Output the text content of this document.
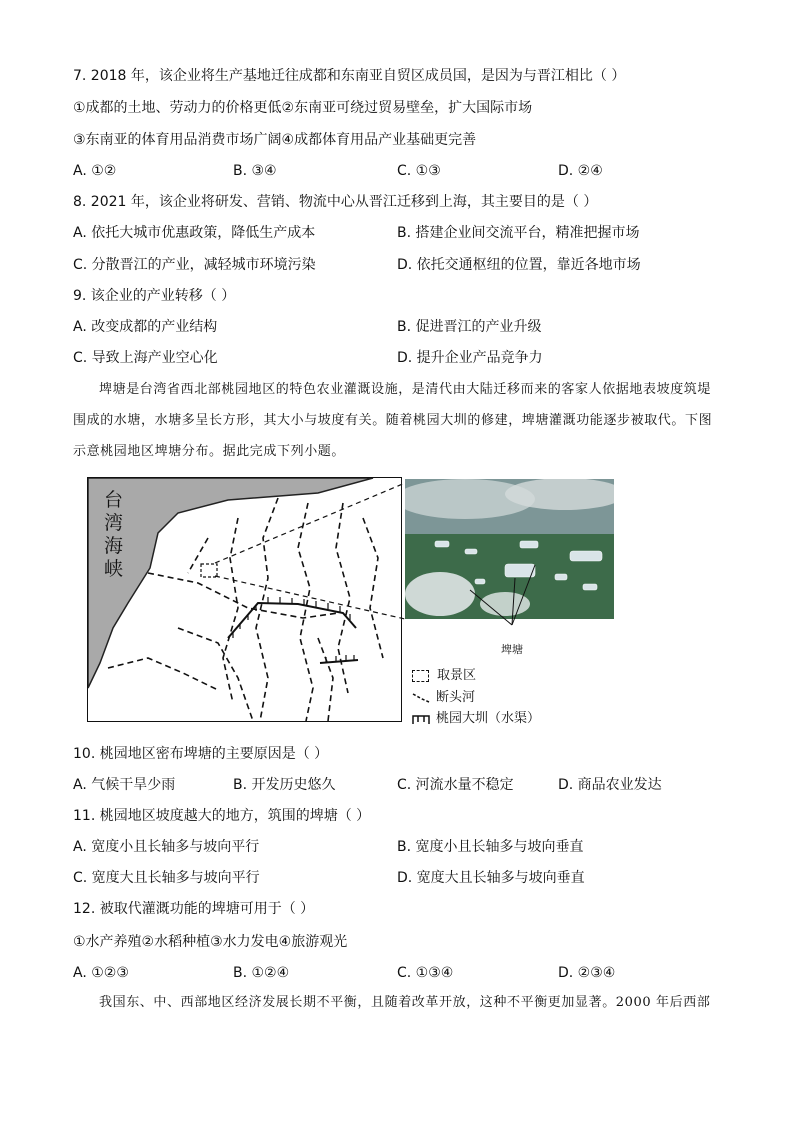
7. 2018 年，该企业将生产基地迁往成都和东南亚自贸区成员国，是因为与晋江相比（ ）
①成都的土地、劳动力的价格更低②东南亚可绕过贸易壁垒，扩大国际市场
③东南亚的体育用品消费市场广阔④成都体育用品产业基础更完善
A. ①②	B. ③④	C. ①③	D. ②④
8. 2021 年，该企业将研发、营销、物流中心从晋江迁移到上海，其主要目的是（ ）
A. 依托大城市优惠政策，降低生产成本	B. 搭建企业间交流平台，精准把握市场
C. 分散晋江的产业，减轻城市环境污染	D. 依托交通枢纽的位置，靠近各地市场
9. 该企业的产业转移（ ）
A. 改变成都的产业结构	B. 促进晋江的产业升级
C. 导致上海产业空心化	D. 提升企业产品竞争力
埤塘是台湾省西北部桃园地区的特色农业灌溉设施，是清代由大陆迁移而来的客家人依据地表坡度筑堤围成的水塘，水塘多呈长方形，其大小与坡度有关。随着桃园大圳的修建，埤塘灌溉功能逐步被取代。下图示意桃园地区埤塘分布。据此完成下列小题。
台
湾
海
峡
埤塘
取景区
断头河
桃园大圳（水渠）
10. 桃园地区密布埤塘的主要原因是（ ）
A. 气候干旱少雨	B. 开发历史悠久	C. 河流水量不稳定	D. 商品农业发达
11. 桃园地区坡度越大的地方，筑围的埤塘（ ）
A. 宽度小且长轴多与坡向平行	B. 宽度小且长轴多与坡向垂直
C. 宽度大且长轴多与坡向平行	D. 宽度大且长轴多与坡向垂直
12. 被取代灌溉功能的埤塘可用于（ ）
①水产养殖②水稻种植③水力发电④旅游观光
A. ①②③	B. ①②④	C. ①③④	D. ②③④
我国东、中、西部地区经济发展长期不平衡，且随着改革开放，这种不平衡更加显著。2000 年后西部
